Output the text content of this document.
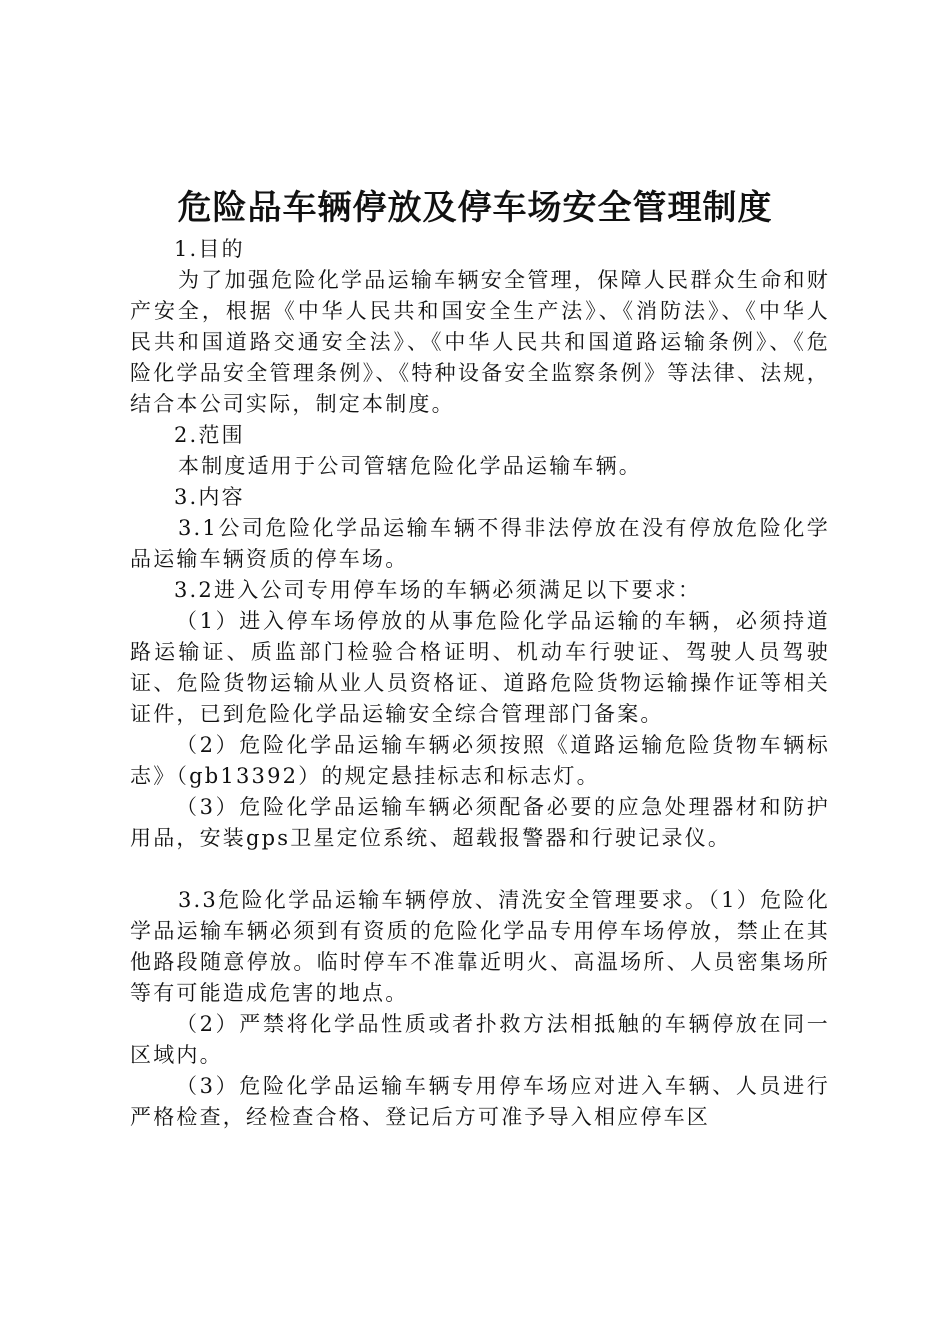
危险品车辆停放及停车场安全管理制度

1.目的

为了加强危险化学品运输车辆安全管理，保障人民群众生命和财产安全，根据《中华人民共和国安全生产法》、《消防法》、《中华人民共和国道路交通安全法》、《中华人民共和国道路运输条例》、《危险化学品安全管理条例》、《特种设备安全监察条例》等法律、法规，结合本公司实际，制定本制度。

2.范围

本制度适用于公司管辖危险化学品运输车辆。

3.内容

3.1公司危险化学品运输车辆不得非法停放在没有停放危险化学品运输车辆资质的停车场。

3.2进入公司专用停车场的车辆必须满足以下要求：

（1）进入停车场停放的从事危险化学品运输的车辆，必须持道路运输证、质监部门检验合格证明、机动车行驶证、驾驶人员驾驶证、危险货物运输从业人员资格证、道路危险货物运输操作证等相关证件，已到危险化学品运输安全综合管理部门备案。

（2）危险化学品运输车辆必须按照《道路运输危险货物车辆标志》（gb13392）的规定悬挂标志和标志灯。

（3）危险化学品运输车辆必须配备必要的应急处理器材和防护用品，安装gps卫星定位系统、超载报警器和行驶记录仪。

3.3危险化学品运输车辆停放、清洗安全管理要求。（1）危险化学品运输车辆必须到有资质的危险化学品专用停车场停放，禁止在其他路段随意停放。临时停车不准靠近明火、高温场所、人员密集场所等有可能造成危害的地点。

（2）严禁将化学品性质或者扑救方法相抵触的车辆停放在同一区域内。

（3）危险化学品运输车辆专用停车场应对进入车辆、人员进行严格检查，经检查合格、登记后方可准予导入相应停车区
